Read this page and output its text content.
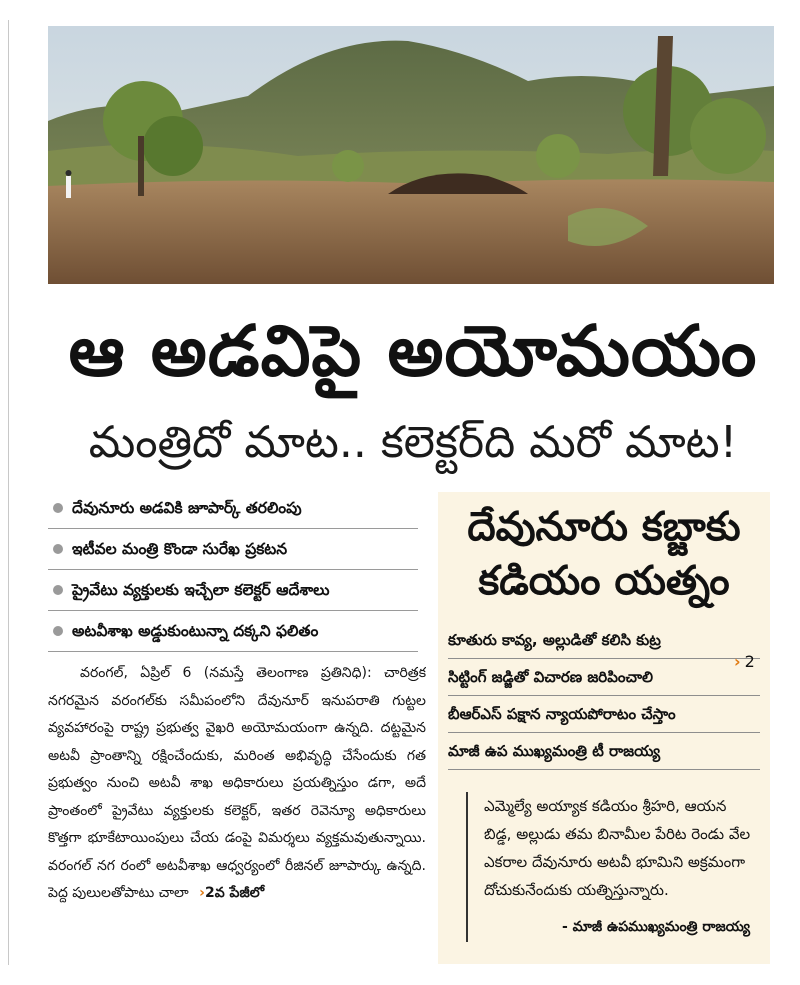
ఆ అడవిపై అయోమయం
మంత్రిదో మాట.. కలెక్టర్‌ది మరో మాట!
దేవునూరు అడవికి జూపార్క్‌ తరలింపు
ఇటీవల మంత్రి కొండా సురేఖ ప్రకటన
ప్రైవేటు వ్యక్తులకు ఇచ్చేలా కలెక్టర్‌ ఆదేశాలు
అటవీశాఖ అడ్డుకుంటున్నా దక్కని ఫలితం

వరంగల్‌, ఏప్రిల్‌ 6 (నమస్తే తెలంగాణ ప్రతినిధి): చారిత్రక నగరమైన వరంగల్‌కు సమీపంలోని దేవునూర్‌ ఇనుపరాతి గుట్టల వ్యవహారంపై రాష్ట్ర ప్రభుత్వ వైఖరి అయోమయంగా ఉన్నది. దట్టమైన అటవీ ప్రాంతాన్ని రక్షించేందుకు, మరింత అభివృద్ధి చేసేందుకు గత ప్రభుత్వం నుంచి అటవీ శాఖ అధికారులు ప్రయత్నిస్తుం డగా, అదే ప్రాంతంలో ప్రైవేటు వ్యక్తులకు కలెక్టర్‌, ఇతర రెవెన్యూ అధికారులు కొత్తగా భూకేటాయింపులు చేయ డంపై విమర్శలు వ్యక్తమవుతున్నాయి. వరంగల్‌ నగ రంలో అటవీశాఖ ఆధ్వర్యంలో రీజినల్‌ జూపార్కు ఉన్నది. పెద్ద పులులతోపాటు చాలా ›2వ పేజీలో

దేవునూరు కబ్జాకు
కడియం యత్నం
కూతురు కావ్య, అల్లుడితో కలిసి కుట్ర
సిట్టింగ్‌ జడ్జితో విచారణ జరిపించాలి
బీఆర్‌ఎస్‌ పక్షాన న్యాయపోరాటం చేస్తాం
మాజీ ఉప ముఖ్యమంత్రి టీ రాజయ్య
› 2

ఎమ్మెల్యే అయ్యాక కడియం శ్రీహరి, ఆయన బిడ్డ, అల్లుడు తమ బినామీల పేరిట రెండు వేల ఎకరాల దేవునూరు అటవీ భూమిని అక్రమంగా దోచుకునేందుకు యత్నిస్తున్నారు.

- మాజీ ఉపముఖ్యమంత్రి రాజయ్య
